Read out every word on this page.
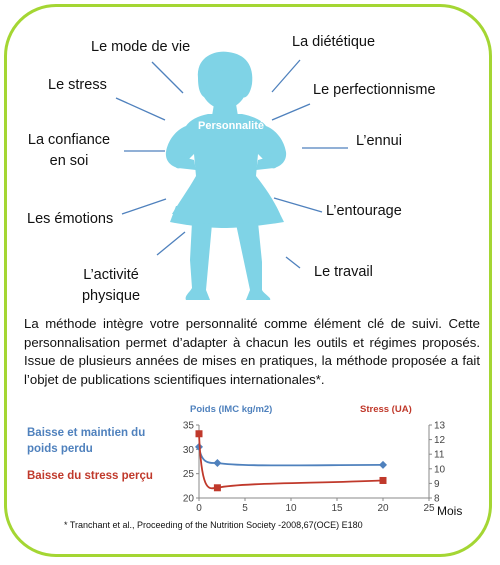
Personnalité
Le mode de vie	La diététique
Le stress	Le perfectionnisme
La confiance
en soi
L’ennui
Les émotions	L’entourage
L’activité
physique
Le travail
La méthode intègre votre personnalité comme élément clé de suivi. Cette personnalisation permet d’adapter à chacun les outils et régimes proposés. Issue de plusieurs années de mises en pratiques, la méthode proposée a fait l’objet de publications scientifiques internationales*.
Baisse et maintien du poids perdu
Baisse du stress perçu
Poids (IMC kg/m2)	Stress (UA)
Mois
0	5	10	15	20	25
20
25
30
35
8
9
10
11
12
13
* Tranchant et al., Proceeding of the Nutrition Society -2008,67(OCE) E180
